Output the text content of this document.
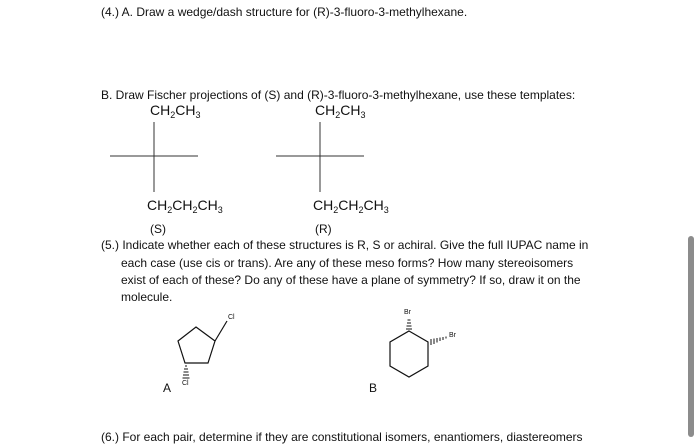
(4.) A. Draw a wedge/dash structure for (R)-3-fluoro-3-methylhexane.
B. Draw Fischer projections of (S) and (R)-3-fluoro-3-methylhexane, use these templates:
$CH_2CH_3$	$CH_2CH_3$
$CH_2CH_2CH_3$	$CH_2CH_2CH_3$
(S)	(R)
(5.) Indicate whether each of these structures is R, S or achiral. Give the full IUPAC name in
each case (use cis or trans). Are any of these meso forms? How many stereoisomers
exist of each of these? Do any of these have a plane of symmetry? If so, draw it on the
molecule.
Cl
Cl
A
Br
Br
B
(6.) For each pair, determine if they are constitutional isomers, enantiomers, diastereomers
